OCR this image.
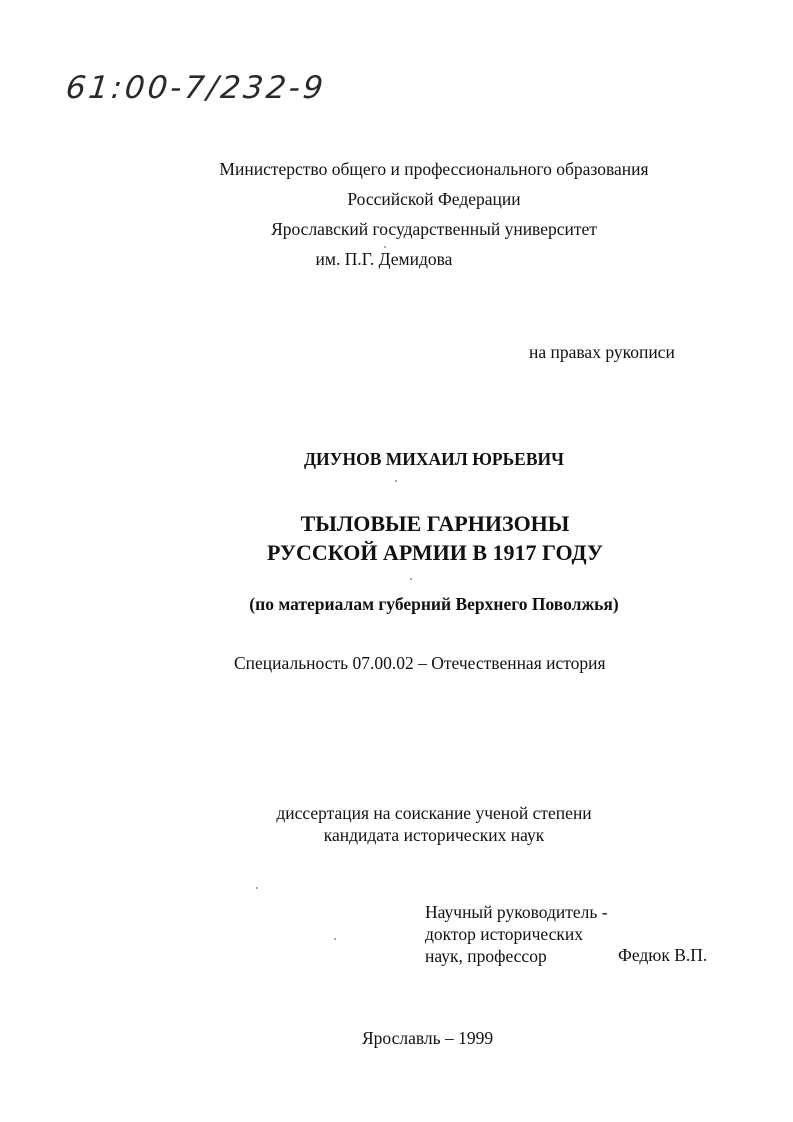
61:00-7/232-9
Министерство общего и профессионального образования
Российской Федерации
Ярославский государственный университет
им. П.Г. Демидова
на правах рукописи
ДИУНОВ МИХАИЛ ЮРЬЕВИЧ
ТЫЛОВЫЕ ГАРНИЗОНЫ
РУССКОЙ АРМИИ В 1917 ГОДУ
(по материалам губерний Верхнего Поволжья)
Специальность 07.00.02 – Отечественная история
диссертация на соискание ученой степени
кандидата исторических наук
Научный руководитель -
доктор исторических
наук, профессор	Федюк В.П.
Ярославль – 1999
